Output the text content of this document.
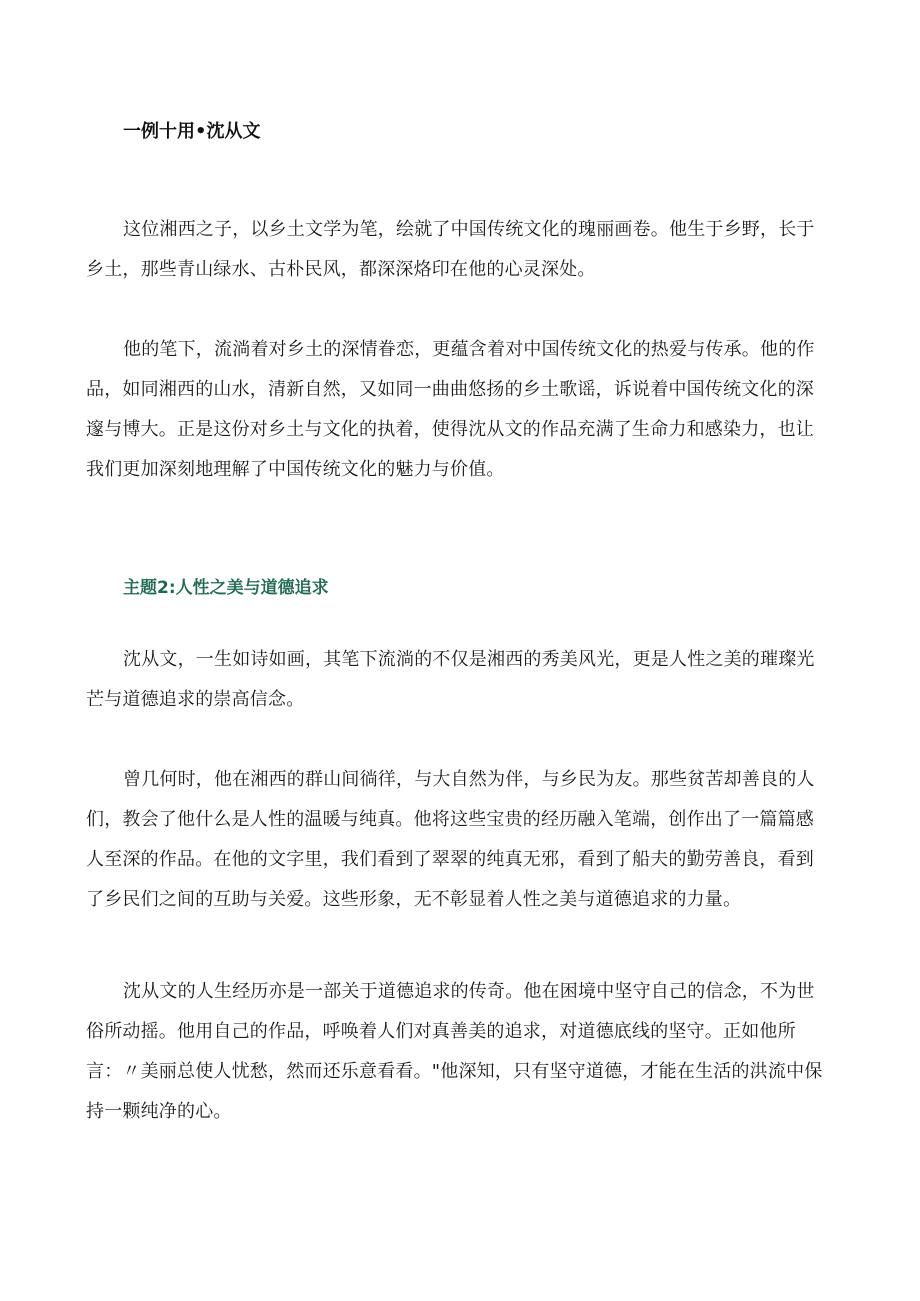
一例十用•沈从文

这位湘西之子，以乡土文学为笔，绘就了中国传统文化的瑰丽画卷。他生于乡野，长于
乡土，那些青山绿水、古朴民风，都深深烙印在他的心灵深处。

他的笔下，流淌着对乡土的深情眷恋，更蕴含着对中国传统文化的热爱与传承。他的作
品，如同湘西的山水，清新自然，又如同一曲曲悠扬的乡土歌谣，诉说着中国传统文化的深
邃与博大。正是这份对乡土与文化的执着，使得沈从文的作品充满了生命力和感染力，也让
我们更加深刻地理解了中国传统文化的魅力与价值。

主题2:人性之美与道德追求

沈从文，一生如诗如画，其笔下流淌的不仅是湘西的秀美风光，更是人性之美的璀璨光
芒与道德追求的崇高信念。

曾几何时，他在湘西的群山间徜徉，与大自然为伴，与乡民为友。那些贫苦却善良的人
们，教会了他什么是人性的温暖与纯真。他将这些宝贵的经历融入笔端，创作出了一篇篇感
人至深的作品。在他的文字里，我们看到了翠翠的纯真无邪，看到了船夫的勤劳善良，看到
了乡民们之间的互助与关爱。这些形象，无不彰显着人性之美与道德追求的力量。

沈从文的人生经历亦是一部关于道德追求的传奇。他在困境中坚守自己的信念，不为世
俗所动摇。他用自己的作品，呼唤着人们对真善美的追求，对道德底线的坚守。正如他所
言：〃美丽总使人忧愁，然而还乐意看看。"他深知，只有坚守道德，才能在生活的洪流中保
持一颗纯净的心。
